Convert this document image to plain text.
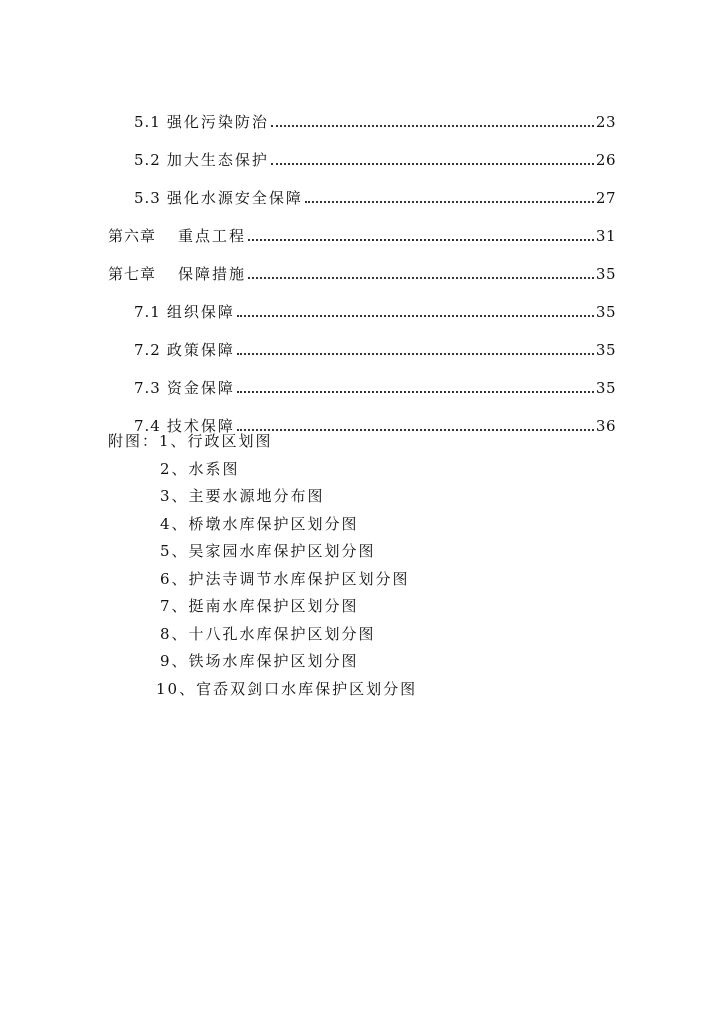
5.1 强化污染防治	23
5.2 加大生态保护	26
5.3 强化水源安全保障	27
第六章 重点工程	31
第七章 保障措施	35
7.1 组织保障	35
7.2 政策保障	35
7.3 资金保障	35
7.4 技术保障	36
附图：1、行政区划图
2、水系图
3、主要水源地分布图
4、桥墩水库保护区划分图
5、吴家园水库保护区划分图
6、护法寺调节水库保护区划分图
7、挺南水库保护区划分图
8、十八孔水库保护区划分图
9、铁场水库保护区划分图
10、官岙双剑口水库保护区划分图
